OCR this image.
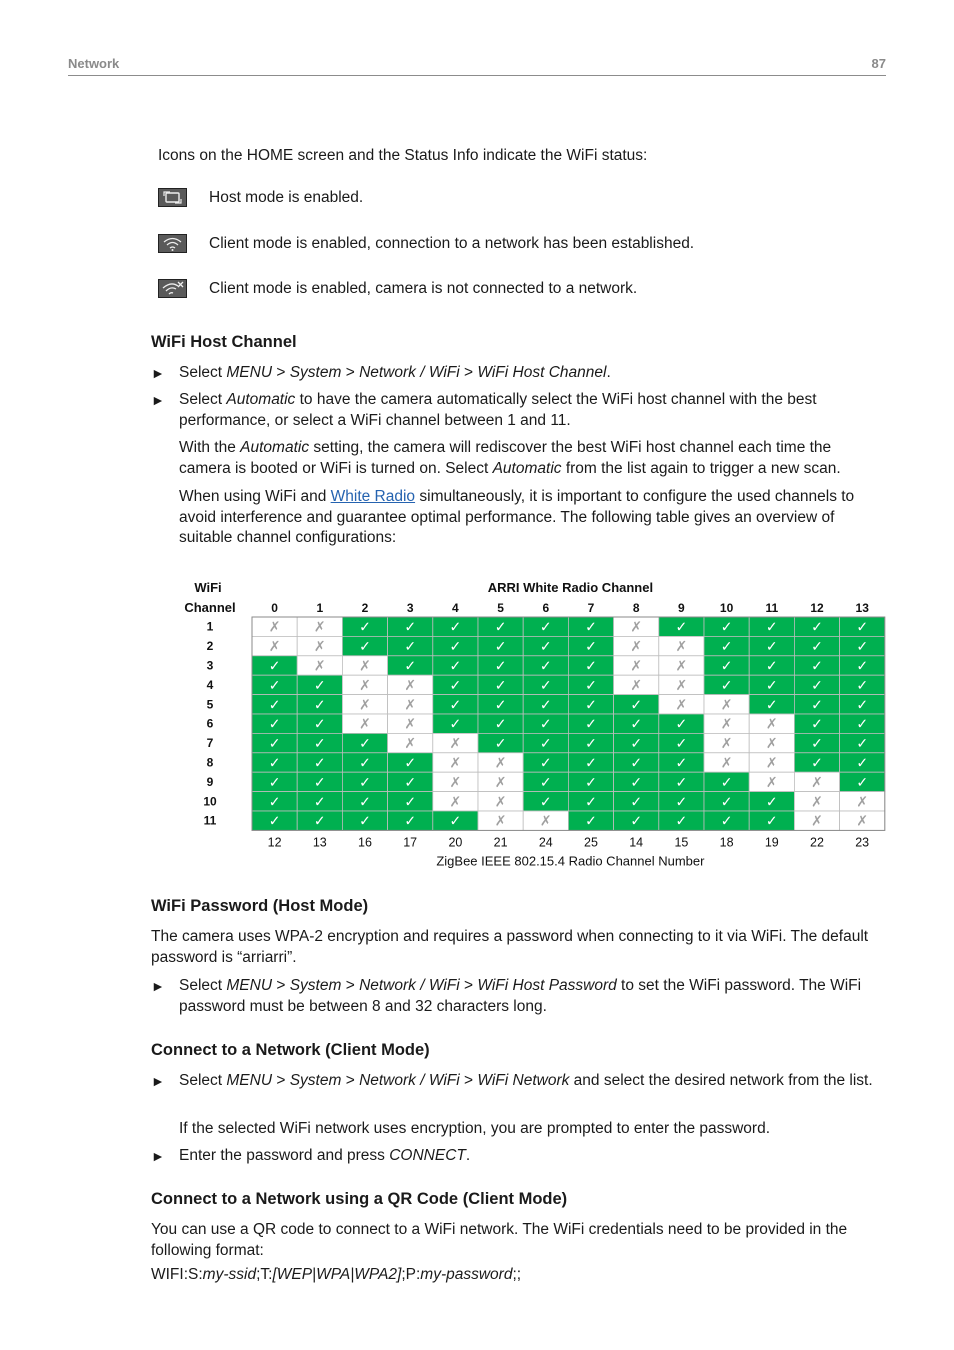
Network	87

Icons on the HOME screen and the Status Info indicate the WiFi status:

Host mode is enabled.

Client mode is enabled, connection to a network has been established.

Client mode is enabled, camera is not connected to a network.

WiFi Host Channel
► Select MENU > System > Network / WiFi > WiFi Host Channel.

► Select Automatic to have the camera automatically select the WiFi host channel with the best performance, or select a WiFi channel between 1 and 11.

With the Automatic setting, the camera will rediscover the best WiFi host channel each time the camera is booted or WiFi is turned on. Select Automatic from the list again to trigger a new scan.

When using WiFi and White Radio simultaneously, it is important to configure the used channels to avoid interference and guarantee optimal performance. The following table gives an overview of suitable channel configurations:

WiFi
Channel
ARRI White Radio Channel
0	1	2	3	4	5	6	7	8	9	10	11	12	13
1	✗ ✗ ✓ ✓ ✓ ✓ ✓ ✓ ✗ ✓ ✓ ✓ ✓ ✓
2	✗ ✗ ✓ ✓ ✓ ✓ ✓ ✓ ✗ ✗ ✓ ✓ ✓ ✓
3	✓ ✗ ✗ ✓ ✓ ✓ ✓ ✓ ✗ ✗ ✓ ✓ ✓ ✓
4	✓ ✓ ✗ ✗ ✓ ✓ ✓ ✓ ✗ ✗ ✓ ✓ ✓ ✓
5	✓ ✓ ✗ ✗ ✓ ✓ ✓ ✓ ✓ ✗ ✗ ✓ ✓ ✓
6	✓ ✓ ✗ ✗ ✓ ✓ ✓ ✓ ✓ ✓ ✗ ✗ ✓ ✓
7	✓ ✓ ✓ ✗ ✗ ✓ ✓ ✓ ✓ ✓ ✗ ✗ ✓ ✓
8	✓ ✓ ✓ ✓ ✗ ✗ ✓ ✓ ✓ ✓ ✗ ✗ ✓ ✓
9	✓ ✓ ✓ ✓ ✗ ✗ ✓ ✓ ✓ ✓ ✓ ✗ ✗ ✓
10	✓ ✓ ✓ ✓ ✗ ✗ ✓ ✓ ✓ ✓ ✓ ✓ ✗ ✗
11	✓ ✓ ✓ ✓ ✓ ✗ ✗ ✓ ✓ ✓ ✓ ✓ ✗ ✗
12	13	16	17	20	21	24	25	14	15	18	19	22	23
ZigBee IEEE 802.15.4 Radio Channel Number
WiFi Password (Host Mode)

The camera uses WPA-2 encryption and requires a password when connecting to it via WiFi. The default password is “arriarri”.

► Select MENU > System > Network / WiFi > WiFi Host Password to set the WiFi password. The WiFi password must be between 8 and 32 characters long.

Connect to a Network (Client Mode)
► Select MENU > System > Network / WiFi > WiFi Network and select the desired network from the list.

If the selected WiFi network uses encryption, you are prompted to enter the password.

► Enter the password and press CONNECT.

Connect to a Network using a QR Code (Client Mode)

You can use a QR code to connect to a WiFi network. The WiFi credentials need to be provided in the following format:

WIFI:S:my-ssid;T:[WEP|WPA|WPA2];P:my-password;;
